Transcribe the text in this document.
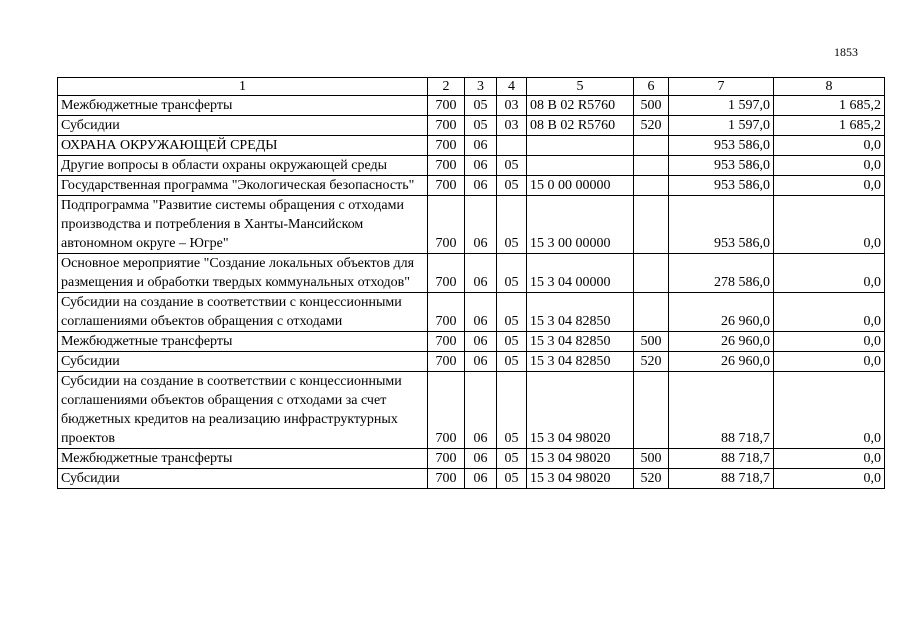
1853
1	2	3	4	5	6	7	8
Межбюджетные трансферты	700	05	03	08 В 02 R5760	500	1 597,0	1 685,2
Субсидии	700	05	03	08 В 02 R5760	520	1 597,0	1 685,2
ОХРАНА ОКРУЖАЮЩЕЙ СРЕДЫ	700	06				953 586,0	0,0
Другие вопросы в области охраны окружающей среды	700	06	05			953 586,0	0,0
Государственная программа "Экологическая безопасность"	700	06	05	15 0 00 00000		953 586,0	0,0
Подпрограмма "Развитие системы обращения с отходами производства и потребления в Ханты-Мансийском автономном округе – Югре"	700	06	05	15 3 00 00000		953 586,0	0,0
Основное мероприятие "Создание локальных объектов для размещения и обработки твердых коммунальных отходов"	700	06	05	15 3 04 00000		278 586,0	0,0
Субсидии на создание в соответствии с концессионными соглашениями объектов обращения с отходами	700	06	05	15 3 04 82850		26 960,0	0,0
Межбюджетные трансферты	700	06	05	15 3 04 82850	500	26 960,0	0,0
Субсидии	700	06	05	15 3 04 82850	520	26 960,0	0,0
Субсидии на создание в соответствии с концессионными соглашениями объектов обращения с отходами за счет бюджетных кредитов на реализацию инфраструктурных проектов	700	06	05	15 3 04 98020		88 718,7	0,0
Межбюджетные трансферты	700	06	05	15 3 04 98020	500	88 718,7	0,0
Субсидии	700	06	05	15 3 04 98020	520	88 718,7	0,0
